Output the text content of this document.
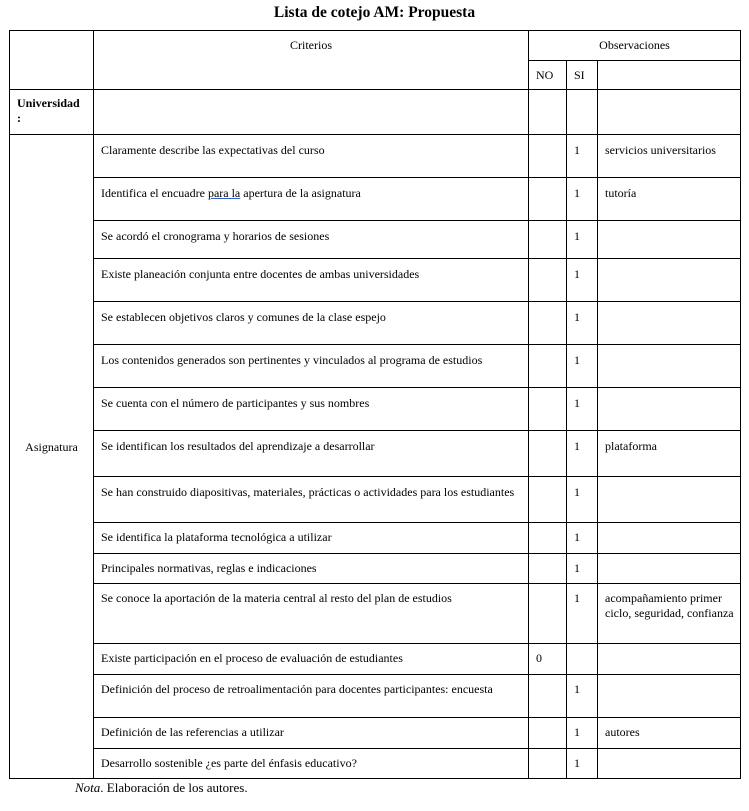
Lista de cotejo AM: Propuesta
	Criterios	Observaciones		
		NO	SI	
Universidad
:				
Asignatura	Claramente describe las expectativas del curso		1	servicios universitarios
	Identifica el encuadre para la apertura de la asignatura		1	tutoría
	Se acordó el cronograma y horarios de sesiones		1	
	Existe planeación conjunta entre docentes de ambas universidades		1	
	Se establecen objetivos claros y comunes de la clase espejo		1	
	Los contenidos generados son pertinentes y vinculados al programa de estudios		1	
	Se cuenta con el número de participantes y sus nombres		1	
	Se identifican los resultados del aprendizaje a desarrollar		1	plataforma
	Se han construido diapositivas, materiales, prácticas o actividades para los estudiantes		1	
	Se identifica la plataforma tecnológica a utilizar		1	
	Principales normativas, reglas e indicaciones		1	
	Se conoce la aportación de la materia central al resto del plan de estudios		1	acompañamiento primer ciclo, seguridad, confianza
	Existe participación en el proceso de evaluación de estudiantes	0		
	Definición del proceso de retroalimentación para docentes participantes: encuesta		1	
	Definición de las referencias a utilizar		1	autores
	Desarrollo sostenible ¿es parte del énfasis educativo?		1	
Nota. Elaboración de los autores.
